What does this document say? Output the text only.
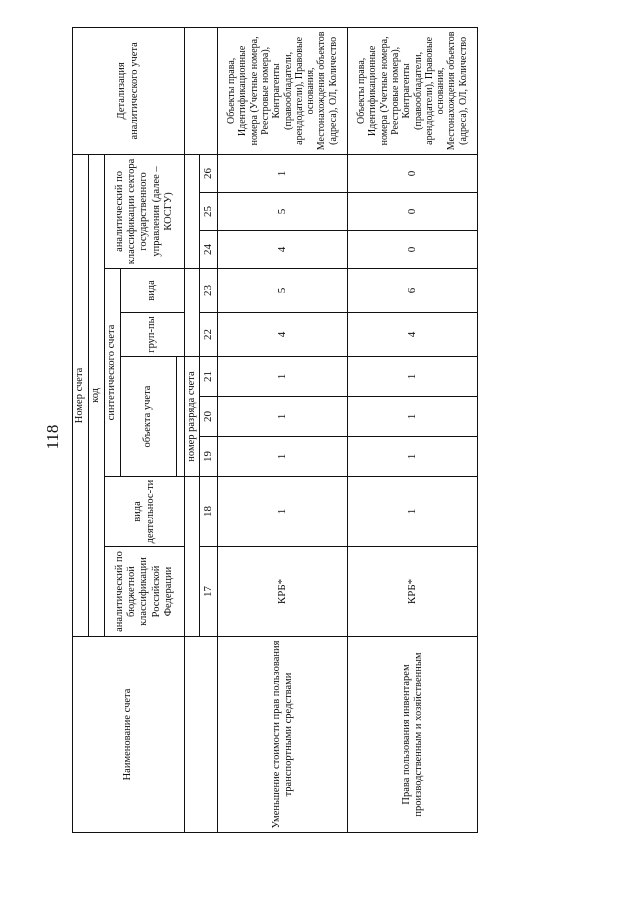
118
Наименование счета	Номер счета										Детализация аналитического учета
	код										
	аналитический по бюджетной классификации Российской Федерации	вида деятельнос-ти	синтетического счета					аналитический по классификации сектора государственного управления (далее – КОСГУ)			
			объекта учета			груп-пы	вида				

			номер разряда счета								
	17	18	19	20	21	22	23	24	25	26	
Уменьшение стоимости прав пользования транспортными средствами	КРБ*	1	1	1	1	4	5	4	5	1	Объекты права, Идентификационные номера (Учетные номера, Реестровые номера), Контрагенты (правообладатели, арендодатели), Правовые основания, Местонахождения объектов (адреса), ОЛ, Количество
Права пользования инвентарем производственным и хозяйственным	КРБ*	1	1	1	1	4	6	0	0	0	Объекты права, Идентификационные номера (Учетные номера, Реестровые номера), Контрагенты (правообладатели, арендодатели), Правовые основания, Местонахождения объектов (адреса), ОЛ, Количество
